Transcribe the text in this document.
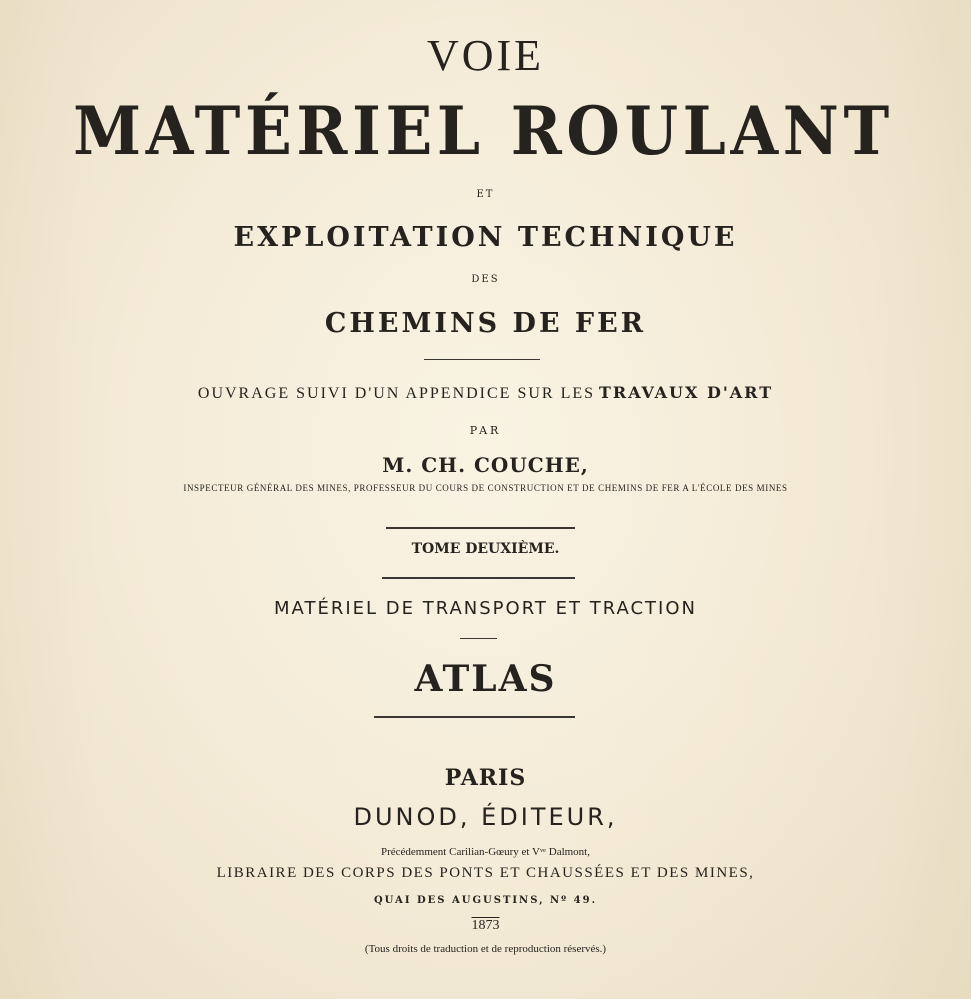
VOIE
MATÉRIEL ROULANT
ET
EXPLOITATION TECHNIQUE
DES
CHEMINS DE FER
OUVRAGE SUIVI D'UN APPENDICE SUR LES TRAVAUX D'ART
PAR
M. CH. COUCHE,
INSPECTEUR GÉNÉRAL DES MINES, PROFESSEUR DU COURS DE CONSTRUCTION ET DE CHEMINS DE FER A L'ÉCOLE DES MINES
TOME DEUXIÈME.
MATÉRIEL DE TRANSPORT ET TRACTION
ATLAS
PARIS
DUNOD, ÉDITEUR,
Précédemment Carilian-Gœury et Vᵛᵉ Dalmont,
LIBRAIRE DES CORPS DES PONTS ET CHAUSSÉES ET DES MINES,
QUAI DES AUGUSTINS, Nº 49.
1873
(Tous droits de traduction et de reproduction réservés.)
